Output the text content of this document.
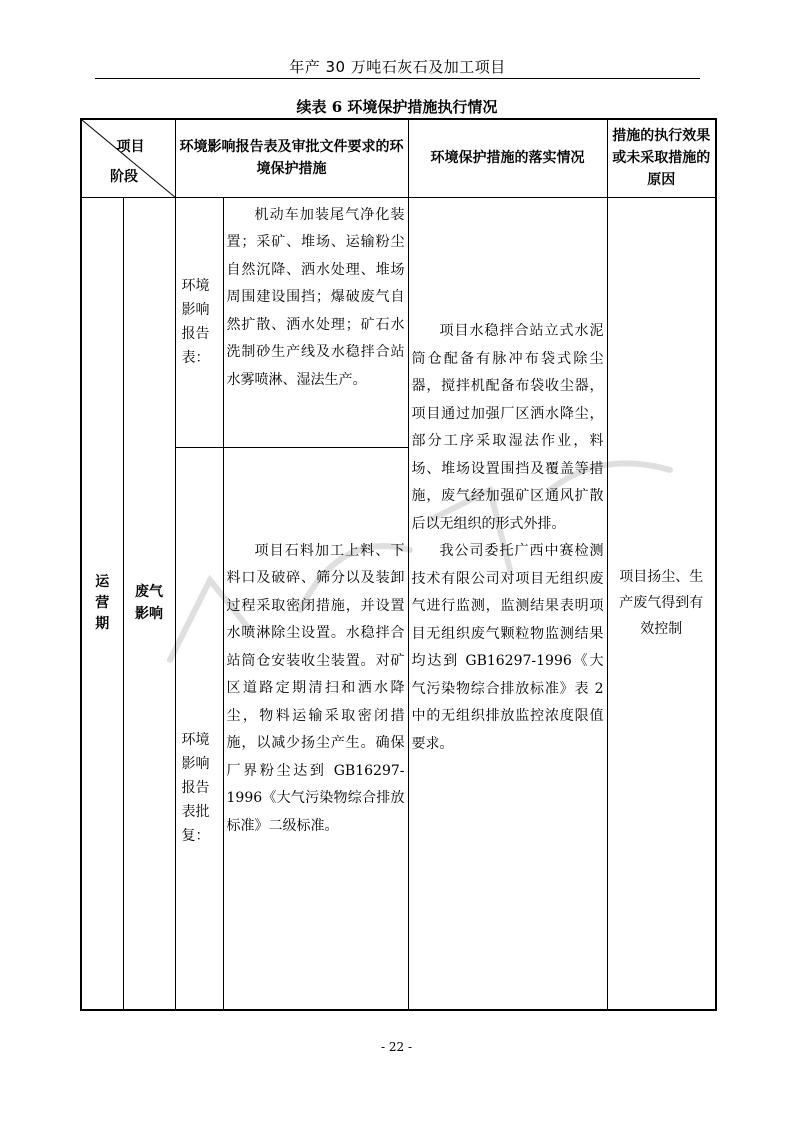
年产 30 万吨石灰石及加工项目
续表 6 环境保护措施执行情况
项目
阶段		环境影响报告表及审批文件要求的环境保护措施		环境保护措施的落实情况	措施的执行效果或未采取措施的原因

运营期	废气影响	环境影响报告表：	机动车加装尾气净化装置；采矿、堆场、运输粉尘自然沉降、洒水处理、堆场周围建设围挡；爆破废气自然扩散、洒水处理；矿石水洗制砂生产线及水稳拌合站水雾喷淋、湿法生产。	项目水稳拌合站立式水泥筒仓配备有脉冲布袋式除尘器，搅拌机配备布袋收尘器，项目通过加强厂区洒水降尘，部分工序采取湿法作业，料场、堆场设置围挡及覆盖等措施，废气经加强矿区通风扩散后以无组织的形式外排。
我公司委托广西中赛检测技术有限公司对项目无组织废气进行监测，监测结果表明项目无组织废气颗粒物监测结果均达到 GB16297-1996《大气污染物综合排放标准》表 2 中的无组织排放监控浓度限值要求。	项目扬尘、生产废气得到有效控制

		环境影响报告表批复：	项目石料加工上料、下料口及破碎、筛分以及装卸过程采取密闭措施，并设置水喷淋除尘设置。水稳拌合站筒仓安装收尘装置。对矿区道路定期清扫和洒水降尘，物料运输采取密闭措施，以减少扬尘产生。确保厂界粉尘达到 GB16297-1996《大气污染物综合排放标准》二级标准。		
- 22 -
